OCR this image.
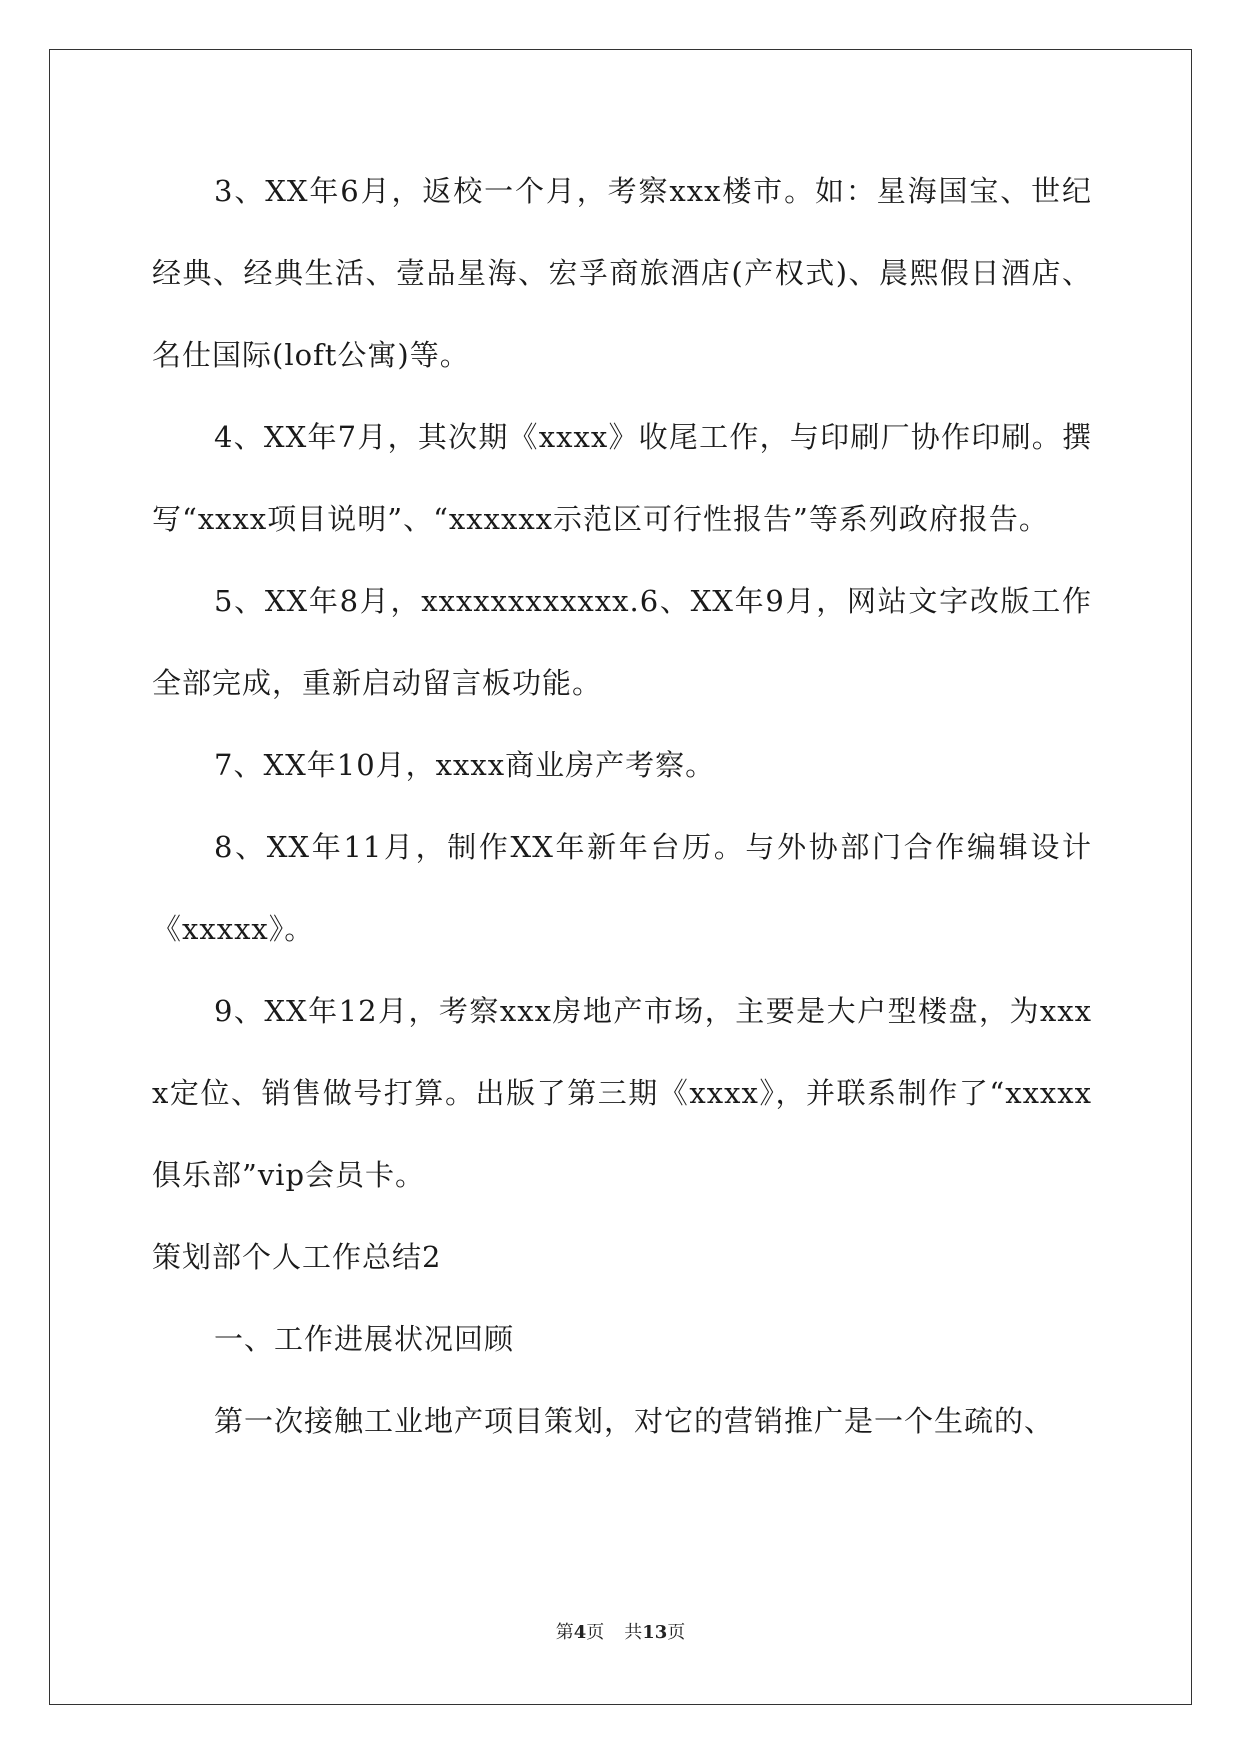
3、XX年6月，返校一个月，考察xxx楼市。如：星海国宝、世纪经典、经典生活、壹品星海、宏孚商旅酒店(产权式)、晨熙假日酒店、名仕国际(loft公寓)等。

4、XX年7月，其次期《xxxx》收尾工作，与印刷厂协作印刷。撰写“xxxx项目说明”、“xxxxxx示范区可行性报告”等系列政府报告。

5、XX年8月，xxxxxxxxxxxx.6、XX年9月，网站文字改版工作全部完成，重新启动留言板功能。

7、XX年10月，xxxx商业房产考察。

8、XX年11月，制作XX年新年台历。与外协部门合作编辑设计《xxxxx》。

9、XX年12月，考察xxx房地产市场，主要是大户型楼盘，为xxxx定位、销售做号打算。出版了第三期《xxxx》，并联系制作了“xxxxx俱乐部”vip会员卡。

策划部个人工作总结2

一、工作进展状况回顾

第一次接触工业地产项目策划，对它的营销推广是一个生疏的、

第4页 共13页
